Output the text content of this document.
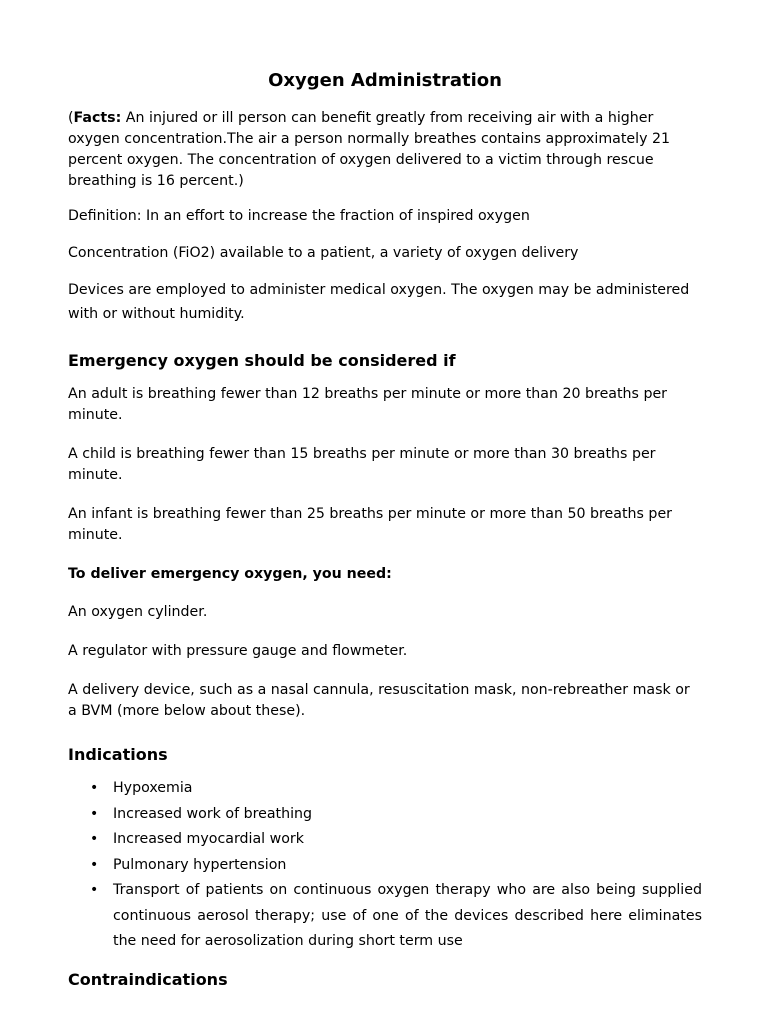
Oxygen Administration

(Facts: An injured or ill person can benefit greatly from receiving air with a higher oxygen concentration.The air a person normally breathes contains approximately 21 percent oxygen. The concentration of oxygen delivered to a victim through rescue breathing is 16 percent.)

Definition: In an effort to increase the fraction of inspired oxygen

Concentration (FiO2) available to a patient, a variety of oxygen delivery

Devices are employed to administer medical oxygen. The oxygen may be administered with or without humidity.

Emergency oxygen should be considered if

An adult is breathing fewer than 12 breaths per minute or more than 20 breaths per minute.

A child is breathing fewer than 15 breaths per minute or more than 30 breaths per minute.

An infant is breathing fewer than 25 breaths per minute or more than 50 breaths per minute.

To deliver emergency oxygen, you need:

An oxygen cylinder.

A regulator with pressure gauge and flowmeter.

A delivery device, such as a nasal cannula, resuscitation mask, non-rebreather mask or a BVM (more below about these).

Indications
• Hypoxemia
• Increased work of breathing
• Increased myocardial work
• Pulmonary hypertension
• Transport of patients on continuous oxygen therapy who are also being supplied continuous aerosol therapy; use of one of the devices described here eliminates the need for aerosolization during short term use
Contraindications
